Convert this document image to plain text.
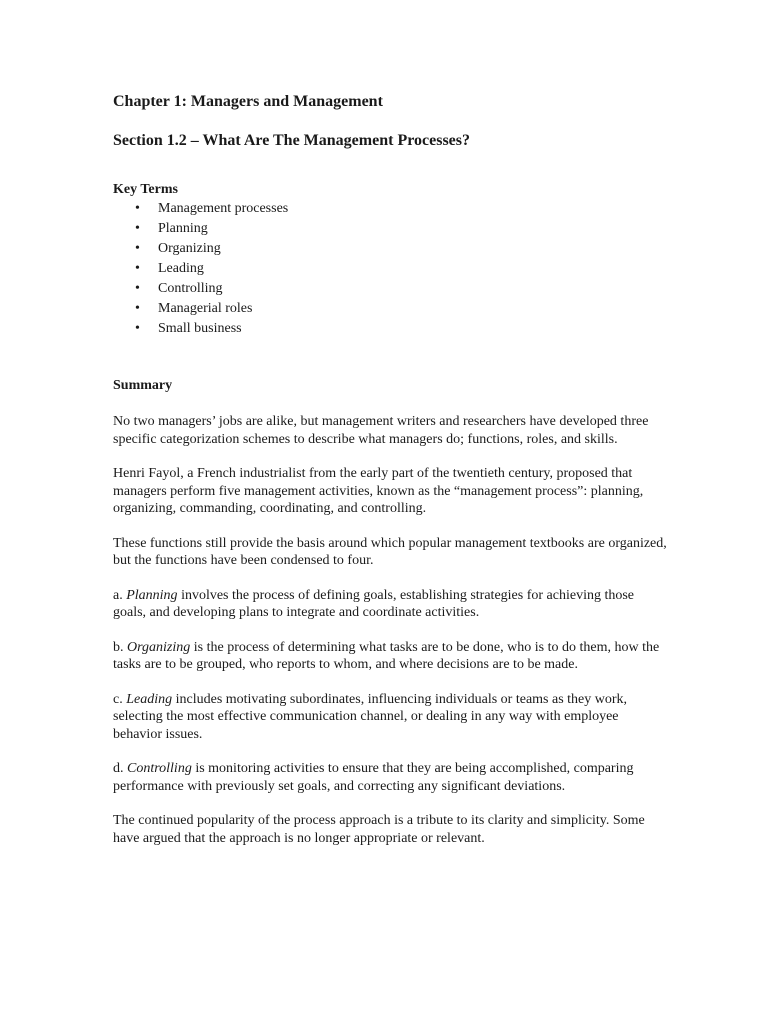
Chapter 1: Managers and Management
Section 1.2 – What Are The Management Processes?
Key Terms
• Management processes
• Planning
• Organizing
• Leading
• Controlling
• Managerial roles
• Small business
Summary

No two managers’ jobs are alike, but management writers and researchers have developed three specific categorization schemes to describe what managers do; functions, roles, and skills.

Henri Fayol, a French industrialist from the early part of the twentieth century, proposed that managers perform five management activities, known as the “management process”: planning, organizing, commanding, coordinating, and controlling.

These functions still provide the basis around which popular management textbooks are organized, but the functions have been condensed to four.

a. Planning involves the process of defining goals, establishing strategies for achieving those goals, and developing plans to integrate and coordinate activities.

b. Organizing is the process of determining what tasks are to be done, who is to do them, how the tasks are to be grouped, who reports to whom, and where decisions are to be made.

c. Leading includes motivating subordinates, influencing individuals or teams as they work, selecting the most effective communication channel, or dealing in any way with employee behavior issues.

d. Controlling is monitoring activities to ensure that they are being accomplished, comparing performance with previously set goals, and correcting any significant deviations.

The continued popularity of the process approach is a tribute to its clarity and simplicity. Some have argued that the approach is no longer appropriate or relevant.
